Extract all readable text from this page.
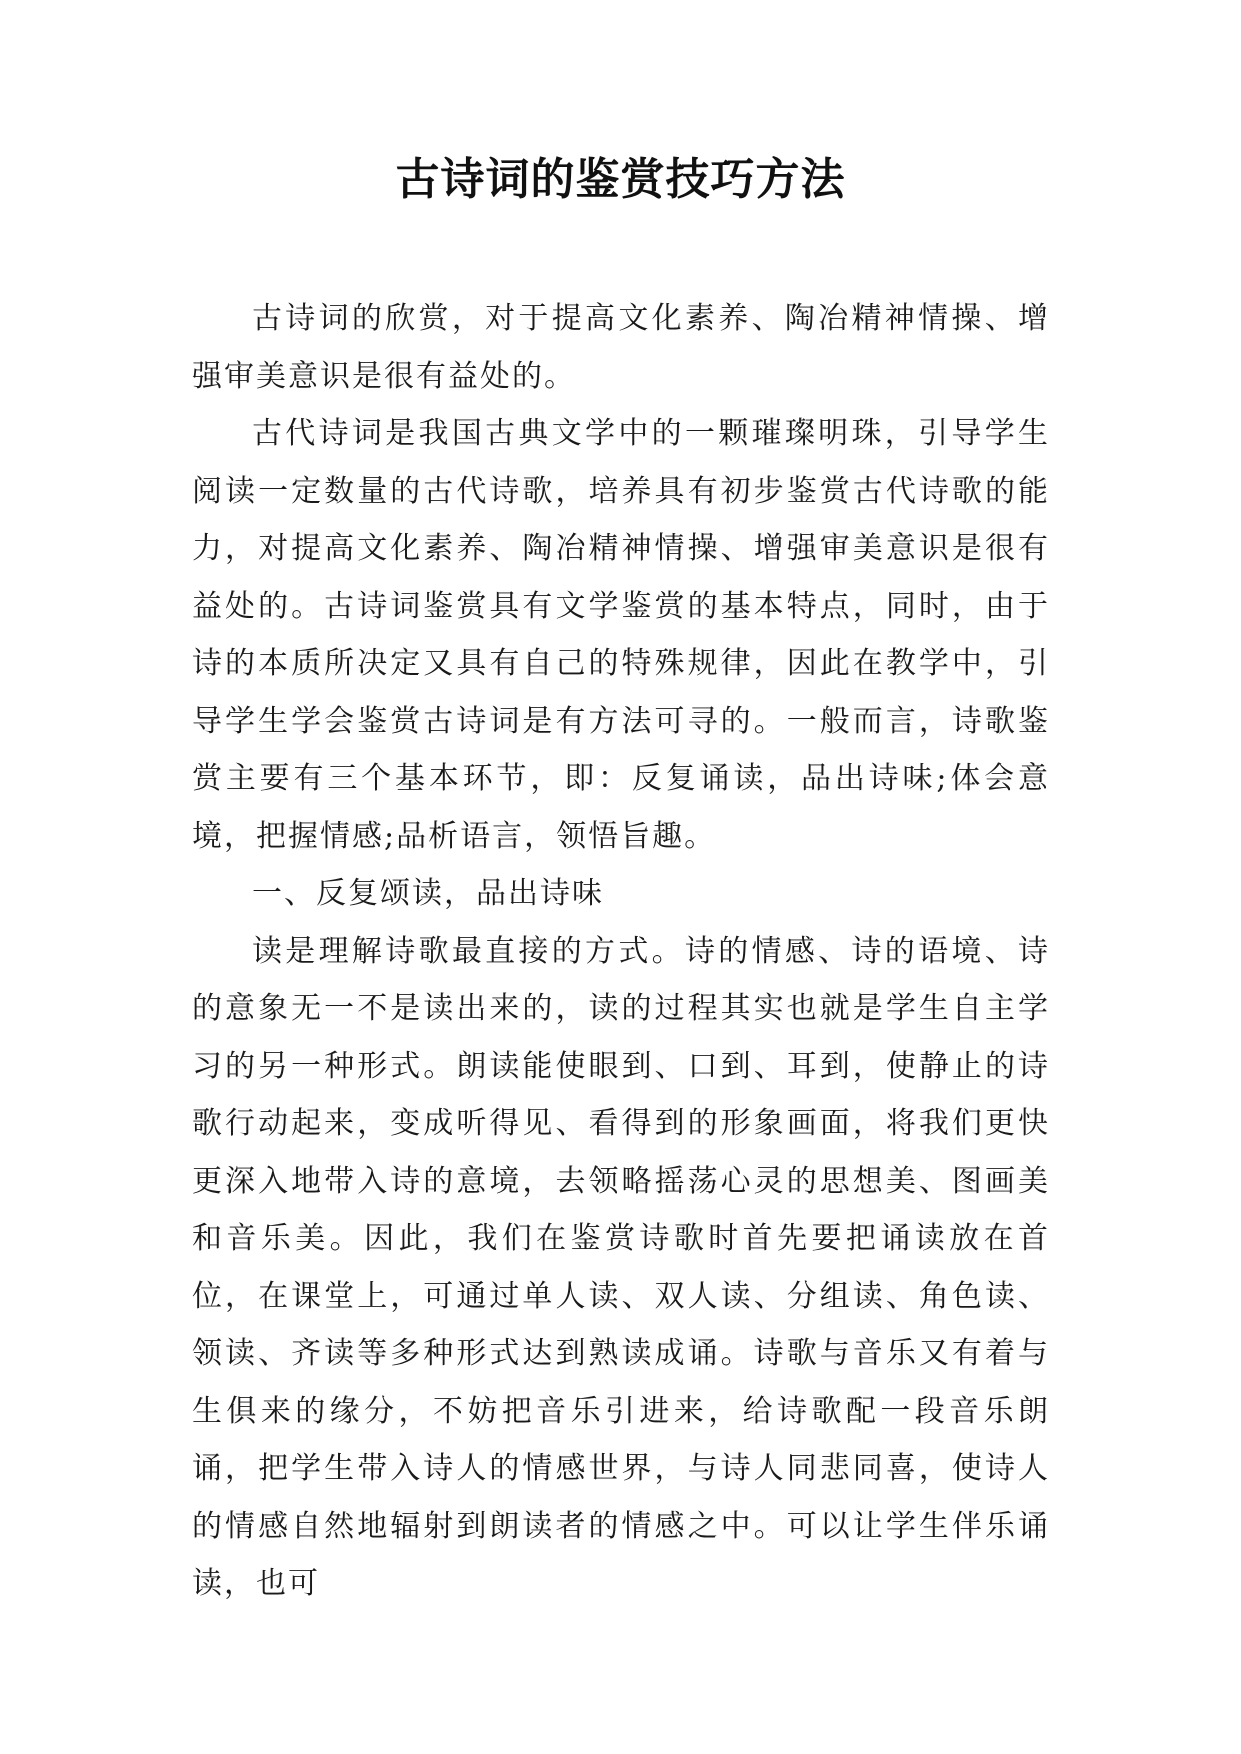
古诗词的鉴赏技巧方法

古诗词的欣赏，对于提高文化素养、陶冶精神情操、增强审美意识是很有益处的。

古代诗词是我国古典文学中的一颗璀璨明珠，引导学生阅读一定数量的古代诗歌，培养具有初步鉴赏古代诗歌的能力，对提高文化素养、陶冶精神情操、增强审美意识是很有益处的。古诗词鉴赏具有文学鉴赏的基本特点，同时，由于诗的本质所决定又具有自己的特殊规律，因此在教学中，引导学生学会鉴赏古诗词是有方法可寻的。一般而言，诗歌鉴赏主要有三个基本环节，即：反复诵读，品出诗味;体会意境，把握情感;品析语言，领悟旨趣。

一、反复颂读，品出诗味

读是理解诗歌最直接的方式。诗的情感、诗的语境、诗的意象无一不是读出来的，读的过程其实也就是学生自主学习的另一种形式。朗读能使眼到、口到、耳到，使静止的诗歌行动起来，变成听得见、看得到的形象画面，将我们更快更深入地带入诗的意境，去领略摇荡心灵的思想美、图画美和音乐美。因此，我们在鉴赏诗歌时首先要把诵读放在首位，在课堂上，可通过单人读、双人读、分组读、角色读、领读、齐读等多种形式达到熟读成诵。诗歌与音乐又有着与生俱来的缘分，不妨把音乐引进来，给诗歌配一段音乐朗诵，把学生带入诗人的情感世界，与诗人同悲同喜，使诗人的情感自然地辐射到朗读者的情感之中。可以让学生伴乐诵读，也可
